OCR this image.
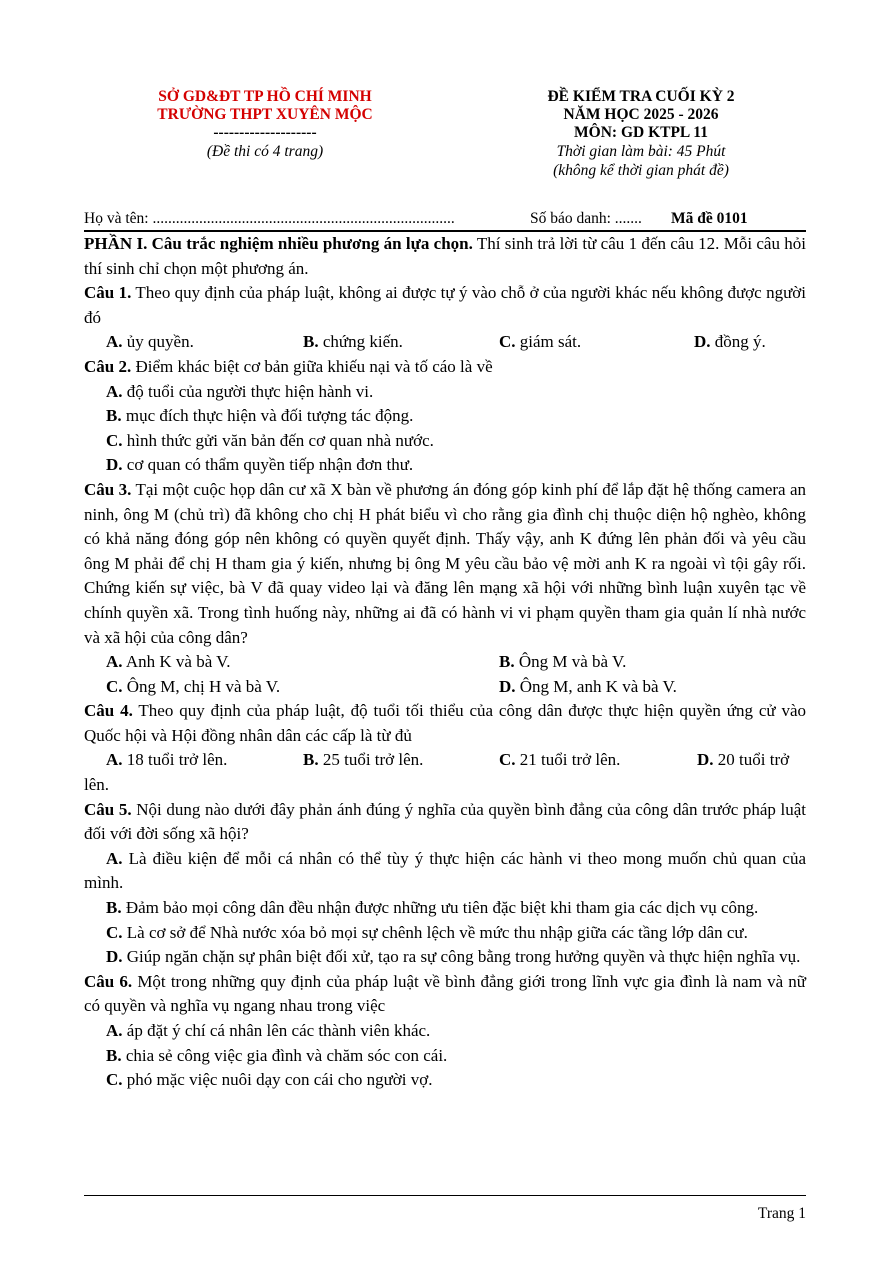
SỞ GD&ĐT TP HỒ CHÍ MINH
TRƯỜNG THPT XUYÊN MỘC
--------------------
(Đề thi có 4 trang)
ĐỀ KIỂM TRA CUỐI KỲ 2
NĂM HỌC 2025 - 2026
MÔN: GD KTPL 11
Thời gian làm bài: 45 Phút
(không kể thời gian phát đề)
Họ và tên: ..............................................................................	Số báo danh: ....... Mã đề 0101

PHẦN I. Câu trắc nghiệm nhiều phương án lựa chọn. Thí sinh trả lời từ câu 1 đến câu 12. Mỗi câu hỏi thí sinh chỉ chọn một phương án.

Câu 1. Theo quy định của pháp luật, không ai được tự ý vào chỗ ở của người khác nếu không được người đó

A. ủy quyền.	B. chứng kiến.	C. giám sát.	D. đồng ý.

Câu 2. Điểm khác biệt cơ bản giữa khiếu nại và tố cáo là về

A. độ tuổi của người thực hiện hành vi.

B. mục đích thực hiện và đối tượng tác động.

C. hình thức gửi văn bản đến cơ quan nhà nước.

D. cơ quan có thẩm quyền tiếp nhận đơn thư.

Câu 3. Tại một cuộc họp dân cư xã X bàn về phương án đóng góp kinh phí để lắp đặt hệ thống camera an ninh, ông M (chủ trì) đã không cho chị H phát biểu vì cho rằng gia đình chị thuộc diện hộ nghèo, không có khả năng đóng góp nên không có quyền quyết định. Thấy vậy, anh K đứng lên phản đối và yêu cầu ông M phải để chị H tham gia ý kiến, nhưng bị ông M yêu cầu bảo vệ mời anh K ra ngoài vì tội gây rối. Chứng kiến sự việc, bà V đã quay video lại và đăng lên mạng xã hội với những bình luận xuyên tạc về chính quyền xã. Trong tình huống này, những ai đã có hành vi vi phạm quyền tham gia quản lí nhà nước và xã hội của công dân?

A. Anh K và bà V.	B. Ông M và bà V.
C. Ông M, chị H và bà V.	D. Ông M, anh K và bà V.

Câu 4. Theo quy định của pháp luật, độ tuổi tối thiểu của công dân được thực hiện quyền ứng cử vào Quốc hội và Hội đồng nhân dân các cấp là từ đủ

A. 18 tuổi trở lên.	B. 25 tuổi trở lên.	C. 21 tuổi trở lên.	D. 20 tuổi trở

lên.

Câu 5. Nội dung nào dưới đây phản ánh đúng ý nghĩa của quyền bình đẳng của công dân trước pháp luật đối với đời sống xã hội?

A. Là điều kiện để mỗi cá nhân có thể tùy ý thực hiện các hành vi theo mong muốn chủ quan của mình.

B. Đảm bảo mọi công dân đều nhận được những ưu tiên đặc biệt khi tham gia các dịch vụ công.

C. Là cơ sở để Nhà nước xóa bỏ mọi sự chênh lệch về mức thu nhập giữa các tầng lớp dân cư.

D. Giúp ngăn chặn sự phân biệt đối xử, tạo ra sự công bằng trong hưởng quyền và thực hiện nghĩa vụ.

Câu 6. Một trong những quy định của pháp luật về bình đẳng giới trong lĩnh vực gia đình là nam và nữ có quyền và nghĩa vụ ngang nhau trong việc

A. áp đặt ý chí cá nhân lên các thành viên khác.

B. chia sẻ công việc gia đình và chăm sóc con cái.

C. phó mặc việc nuôi dạy con cái cho người vợ.

Trang 1
